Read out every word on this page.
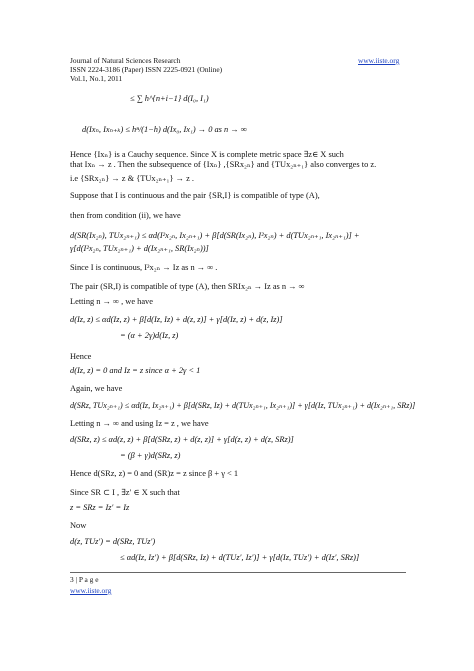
Journal of Natural Sciences Research	www.iiste.org
ISSN 2224-3186 (Paper) ISSN 2225-0921 (Online)
Vol.1, No.1, 2011
≤ ∑ h^{n+i−1} d(I₀, I₁)
d(Ixₙ, Ixₙ₊ₖ) ≤ hⁿ/(1−h) d(Ix₀, Ix₁) → 0 as n → ∞
Hence {Ixₙ} is a Cauchy sequence. Since X is complete metric space ∃z∈ X such
that Ixₙ → z . Then the subsequence of {Ixₙ} ,{SRx₂ₙ} and {TUx₂ₙ₊₁} also converges to z.
i.e {SRx₂ₙ} → z & {TUx₂ₙ₊₁} → z .
Suppose that I is continuous and the pair {SR,I} is compatible of type (A),
then from condition (ii), we have
d(SR(Ix₂ₙ), TUx₂ₙ₊₁) ≤ αd(I²x₂ₙ, Ix₂ₙ₊₁) + β[d(SR(Ix₂ₙ), I²x₂ₙ) + d(TUx₂ₙ₊₁, Ix₂ₙ₊₁)] +
γ[d(I²x₂ₙ, TUx₂ₙ₊₁) + d(Ix₂ₙ₊₁, SR(Ix₂ₙ))]
Since I is continuous, I²x₂ₙ → Iz as n → ∞ .
The pair (SR,I) is compatible of type (A), then SRIx₂ₙ → Iz as n → ∞
Letting n → ∞ , we have
d(Iz, z) ≤ αd(Iz, z) + β[d(Iz, Iz) + d(z, z)] + γ[d(Iz, z) + d(z, Iz)]
= (α + 2γ)d(Iz, z)
Hence
d(Iz, z) = 0 and Iz = z since α + 2γ < 1
Again, we have
d(SRz, TUx₂ₙ₊₁) ≤ αd(Iz, Ix₂ₙ₊₁) + β[d(SRz, Iz) + d(TUx₂ₙ₊₁, Ix₂ₙ₊₁)] + γ[d(Iz, TUx₂ₙ₊₁) + d(Ix₂ₙ₊₁, SRz)]
Letting n → ∞ and using Iz = z , we have
d(SRz, z) ≤ αd(z, z) + β[d(SRz, z) + d(z, z)] + γ[d(z, z) + d(z, SRz)]
= (β + γ)d(SRz, z)
Hence d(SRz, z) = 0 and (SR)z = z since β + γ < 1
Since SR ⊂ I , ∃z′ ∈ X such that
z = SRz = Iz′ = Iz
Now
d(z, TUz′) = d(SRz, TUz′)
≤ αd(Iz, Iz′) + β[d(SRz, Iz) + d(TUz′, Iz′)] + γ[d(Iz, TUz′) + d(Iz′, SRz)]
3 | P a g e
www.iiste.org
